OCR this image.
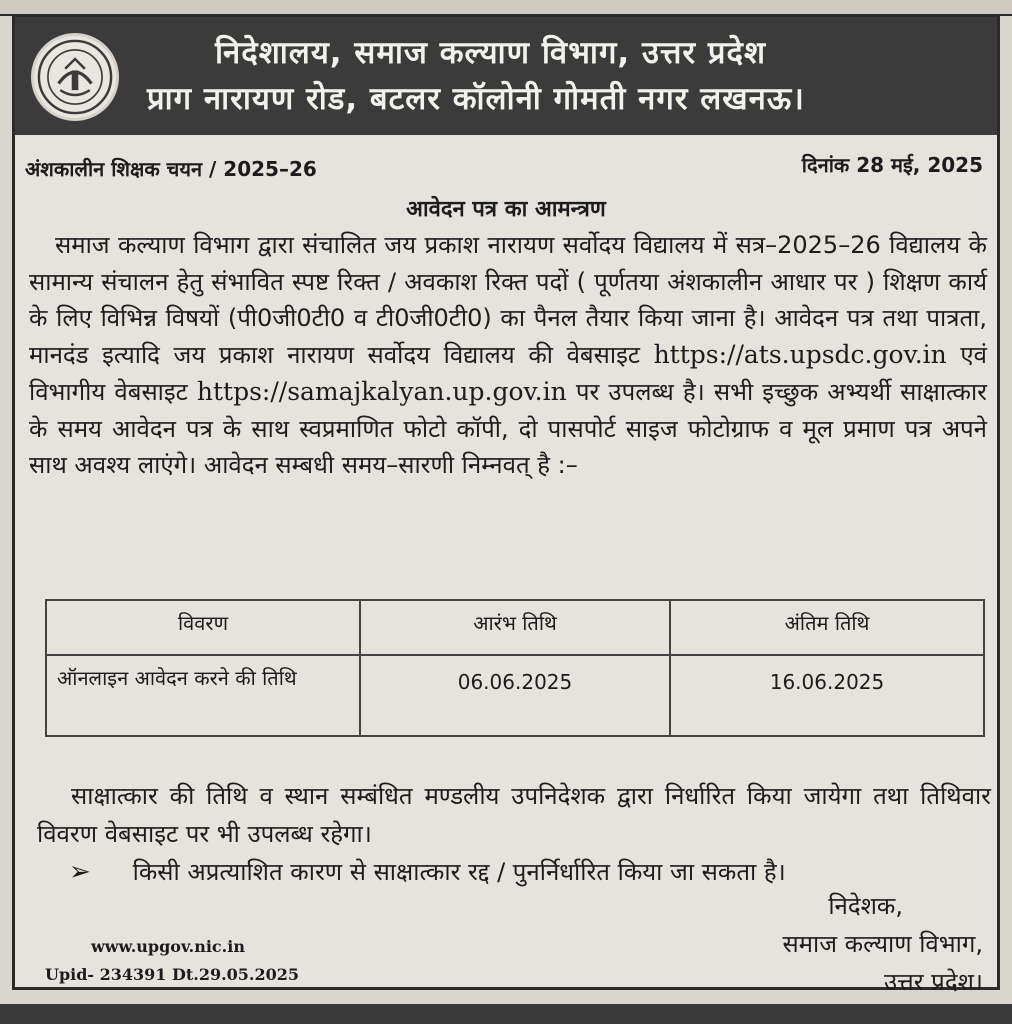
निदेशालय, समाज कल्याण विभाग, उत्तर प्रदेश
प्राग नारायण रोड, बटलर कॉलोनी गोमती नगर लखनऊ।
अंशकालीन शिक्षक चयन / 2025–26	दिनांक 28 मई, 2025
आवेदन पत्र का आमन्त्रण
समाज कल्याण विभाग द्वारा संचालित जय प्रकाश नारायण सर्वोदय विद्यालय में सत्र–2025–26 विद्यालय के सामान्य संचालन हेतु संभावित स्पष्ट रिक्त / अवकाश रिक्त पदों ( पूर्णतया अंशकालीन आधार पर ) शिक्षण कार्य के लिए विभिन्न विषयों (पी0जी0टी0 व टी0जी0टी0) का पैनल तैयार किया जाना है। आवेदन पत्र तथा पात्रता, मानदंड इत्यादि जय प्रकाश नारायण सर्वोदय विद्यालय की वेबसाइट https://ats.upsdc.gov.in एवं विभागीय वेबसाइट https://samajkalyan.up.gov.in पर उपलब्ध है। सभी इच्छुक अभ्यर्थी साक्षात्कार के समय आवेदन पत्र के साथ स्वप्रमाणित फोटो कॉपी, दो पासपोर्ट साइज फोटोग्राफ व मूल प्रमाण पत्र अपने साथ अवश्य लाएंगे। आवेदन सम्बधी समय–सारणी निम्नवत् है :–
विवरण	आरंभ तिथि	अंतिम तिथि
ऑनलाइन आवेदन करने की तिथि	06.06.2025	16.06.2025
साक्षात्कार की तिथि व स्थान सम्बंधित मण्डलीय उपनिदेशक द्वारा निर्धारित किया जायेगा तथा तिथिवार विवरण वेबसाइट पर भी उपलब्ध रहेगा।
➢ किसी अप्रत्याशित कारण से साक्षात्कार रद्द / पुनर्निर्धारित किया जा सकता है।
निदेशक,
समाज कल्याण विभाग,
उत्तर प्रदेश।
www.upgov.nic.in
Upid- 234391 Dt.29.05.2025
